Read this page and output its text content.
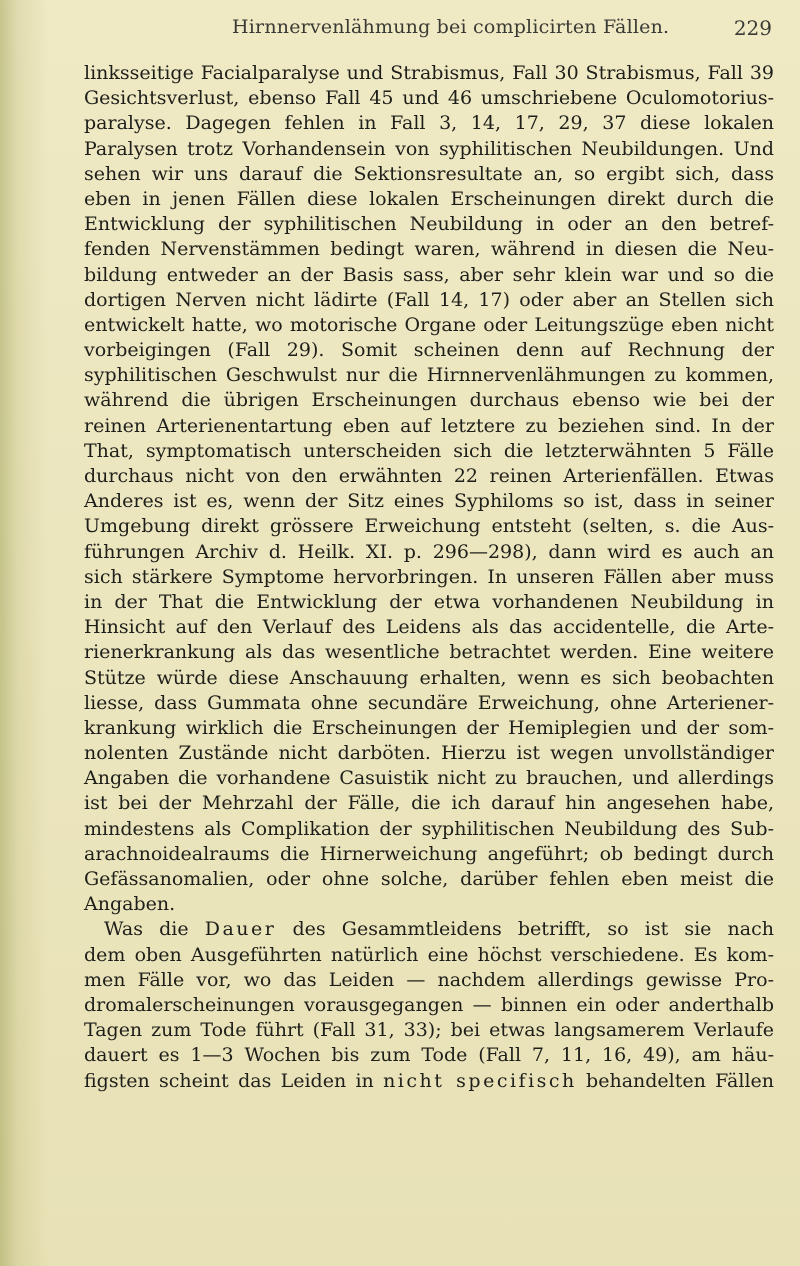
Hirnnervenlähmung bei complicirten Fällen.	229
linksseitige Facialparalyse und Strabismus, Fall 30 Strabismus, Fall 39
Gesichtsverlust, ebenso Fall 45 und 46 umschriebene Oculomotorius-
paralyse. Dagegen fehlen in Fall 3, 14, 17, 29, 37 diese lokalen
Paralysen trotz Vorhandensein von syphilitischen Neubildungen. Und
sehen wir uns darauf die Sektionsresultate an, so ergibt sich, dass
eben in jenen Fällen diese lokalen Erscheinungen direkt durch die
Entwicklung der syphilitischen Neubildung in oder an den betref-
fenden Nervenstämmen bedingt waren, während in diesen die Neu-
bildung entweder an der Basis sass, aber sehr klein war und so die
dortigen Nerven nicht lädirte (Fall 14, 17) oder aber an Stellen sich
entwickelt hatte, wo motorische Organe oder Leitungszüge eben nicht
vorbeigingen (Fall 29). Somit scheinen denn auf Rechnung der
syphilitischen Geschwulst nur die Hirnnervenlähmungen zu kommen,
während die übrigen Erscheinungen durchaus ebenso wie bei der
reinen Arterienentartung eben auf letztere zu beziehen sind. In der
That, symptomatisch unterscheiden sich die letzterwähnten 5 Fälle
durchaus nicht von den erwähnten 22 reinen Arterienfällen. Etwas
Anderes ist es, wenn der Sitz eines Syphiloms so ist, dass in seiner
Umgebung direkt grössere Erweichung entsteht (selten, s. die Aus-
führungen Archiv d. Heilk. XI. p. 296—298), dann wird es auch an
sich stärkere Symptome hervorbringen. In unseren Fällen aber muss
in der That die Entwicklung der etwa vorhandenen Neubildung in
Hinsicht auf den Verlauf des Leidens als das accidentelle, die Arte-
rienerkrankung als das wesentliche betrachtet werden. Eine weitere
Stütze würde diese Anschauung erhalten, wenn es sich beobachten
liesse, dass Gummata ohne secundäre Erweichung, ohne Arteriener-
krankung wirklich die Erscheinungen der Hemiplegien und der som-
nolenten Zustände nicht darböten. Hierzu ist wegen unvollständiger
Angaben die vorhandene Casuistik nicht zu brauchen, und allerdings
ist bei der Mehrzahl der Fälle, die ich darauf hin angesehen habe,
mindestens als Complikation der syphilitischen Neubildung des Sub-
arachnoidealraums die Hirnerweichung angeführt; ob bedingt durch
Gefässanomalien, oder ohne solche, darüber fehlen eben meist die
Angaben.
Was die Dauer des Gesammtleidens betrifft, so ist sie nach
dem oben Ausgeführten natürlich eine höchst verschiedene. Es kom-
men Fälle vor, wo das Leiden — nachdem allerdings gewisse Pro-
dromalerscheinungen vorausgegangen — binnen ein oder anderthalb
Tagen zum Tode führt (Fall 31, 33); bei etwas langsamerem Verlaufe
dauert es 1—3 Wochen bis zum Tode (Fall 7, 11, 16, 49), am häu-
figsten scheint das Leiden in nicht specifisch behandelten Fällen
